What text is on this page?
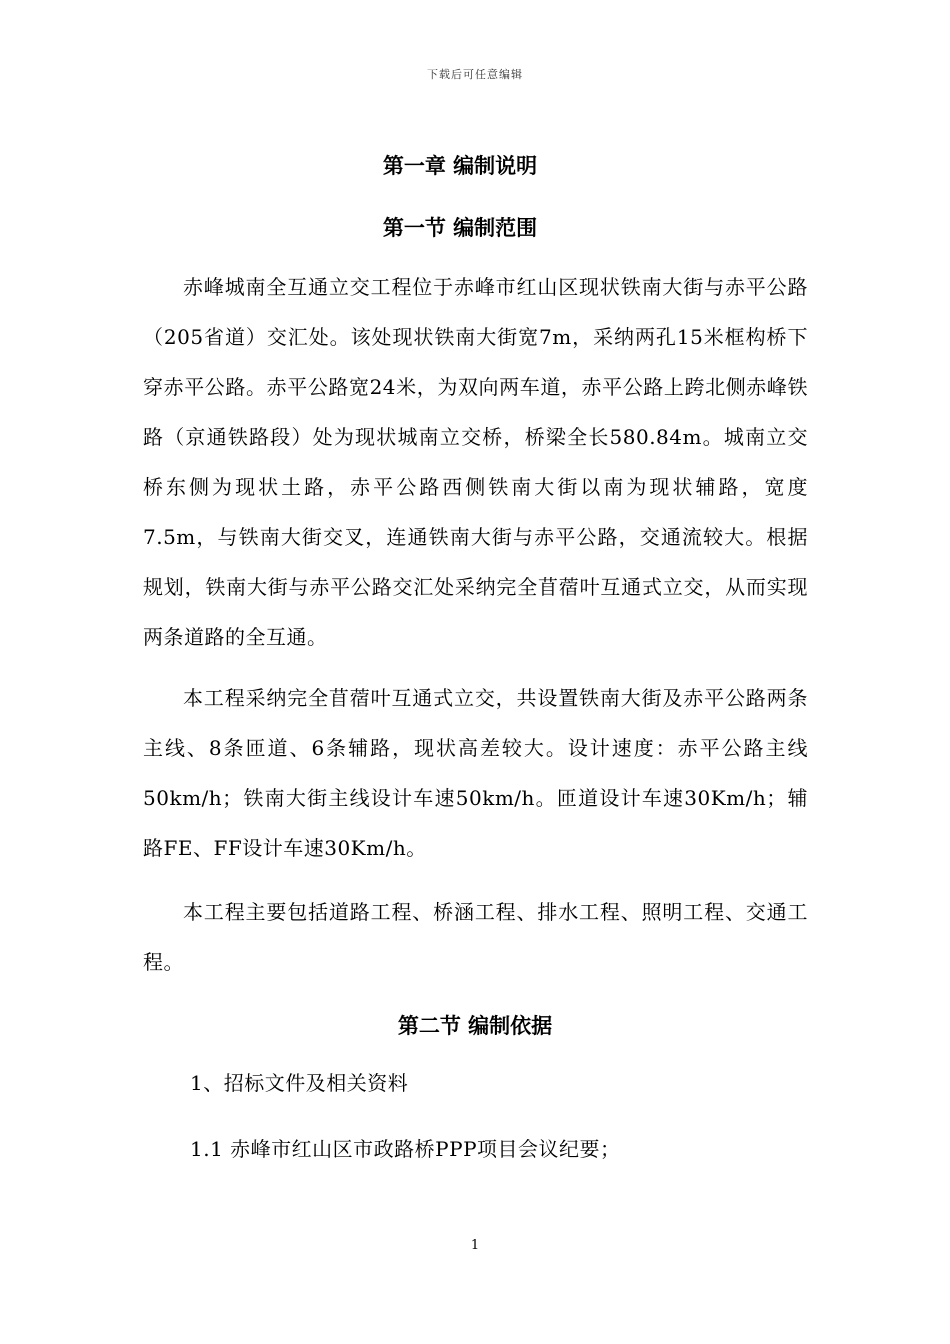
下载后可任意编辑
第一章 编制说明
第一节 编制范围

赤峰城南全互通立交工程位于赤峰市红山区现状铁南大街与赤平公路（205省道）交汇处。该处现状铁南大街宽7m，采纳两孔15米框构桥下穿赤平公路。赤平公路宽24米，为双向两车道，赤平公路上跨北侧赤峰铁路（京通铁路段）处为现状城南立交桥，桥梁全长580.84m。城南立交桥东侧为现状土路，赤平公路西侧铁南大街以南为现状辅路，宽度7.5m，与铁南大街交叉，连通铁南大街与赤平公路，交通流较大。根据规划，铁南大街与赤平公路交汇处采纳完全苜蓿叶互通式立交，从而实现两条道路的全互通。

本工程采纳完全苜蓿叶互通式立交，共设置铁南大街及赤平公路两条主线、8条匝道、6条辅路，现状高差较大。设计速度：赤平公路主线50km/h；铁南大街主线设计车速50km/h。匝道设计车速30Km/h；辅路FE、FF设计车速30Km/h。

本工程主要包括道路工程、桥涵工程、排水工程、照明工程、交通工程。

第二节 编制依据
1、招标文件及相关资料
1.1 赤峰市红山区市政路桥PPP项目会议纪要；
1
